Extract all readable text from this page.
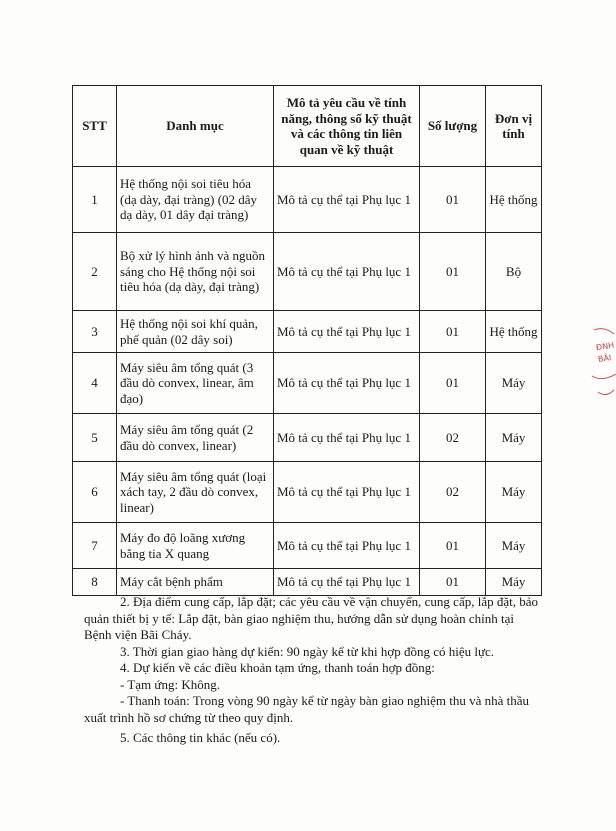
STT	Danh mục	Mô tả yêu cầu về tính năng, thông số kỹ thuật và các thông tin liên quan về kỹ thuật	Số lượng	Đơn vị tính
1	Hệ thống nội soi tiêu hóa (dạ dày, đại tràng) (02 dây dạ dày, 01 dây đại tràng)	Mô tả cụ thể tại Phụ lục 1	01	Hệ thống
2	Bộ xử lý hình ảnh và nguồn sáng cho Hệ thống nội soi tiêu hóa (dạ dày, đại tràng)	Mô tả cụ thể tại Phụ lục 1	01	Bộ
3	Hệ thống nội soi khí quản, phế quản (02 dây soi)	Mô tả cụ thể tại Phụ lục 1	01	Hệ thống
4	Máy siêu âm tổng quát (3 đầu dò convex, linear, âm đạo)	Mô tả cụ thể tại Phụ lục 1	01	Máy
5	Máy siêu âm tổng quát (2 đầu dò convex, linear)	Mô tả cụ thể tại Phụ lục 1	02	Máy
6	Máy siêu âm tổng quát (loại xách tay, 2 đầu dò convex, linear)	Mô tả cụ thể tại Phụ lục 1	02	Máy
7	Máy đo độ loãng xương bằng tia X quang	Mô tả cụ thể tại Phụ lục 1	01	Máy
8	Máy cắt bệnh phẩm	Mô tả cụ thể tại Phụ lục 1	01	Máy

2. Địa điểm cung cấp, lắp đặt; các yêu cầu về vận chuyển, cung cấp, lắp đặt, bảo quản thiết bị y tế: Lắp đặt, bàn giao nghiệm thu, hướng dẫn sử dụng hoàn chỉnh tại Bệnh viện Bãi Cháy.

3. Thời gian giao hàng dự kiến: 90 ngày kể từ khi hợp đồng có hiệu lực.

4. Dự kiến về các điều khoản tạm ứng, thanh toán hợp đồng:

- Tạm ứng: Không.

- Thanh toán: Trong vòng 90 ngày kể từ ngày bàn giao nghiệm thu và nhà thầu xuất trình hồ sơ chứng từ theo quy định.

5. Các thông tin khác (nếu có).

ĐNH
BÃI
